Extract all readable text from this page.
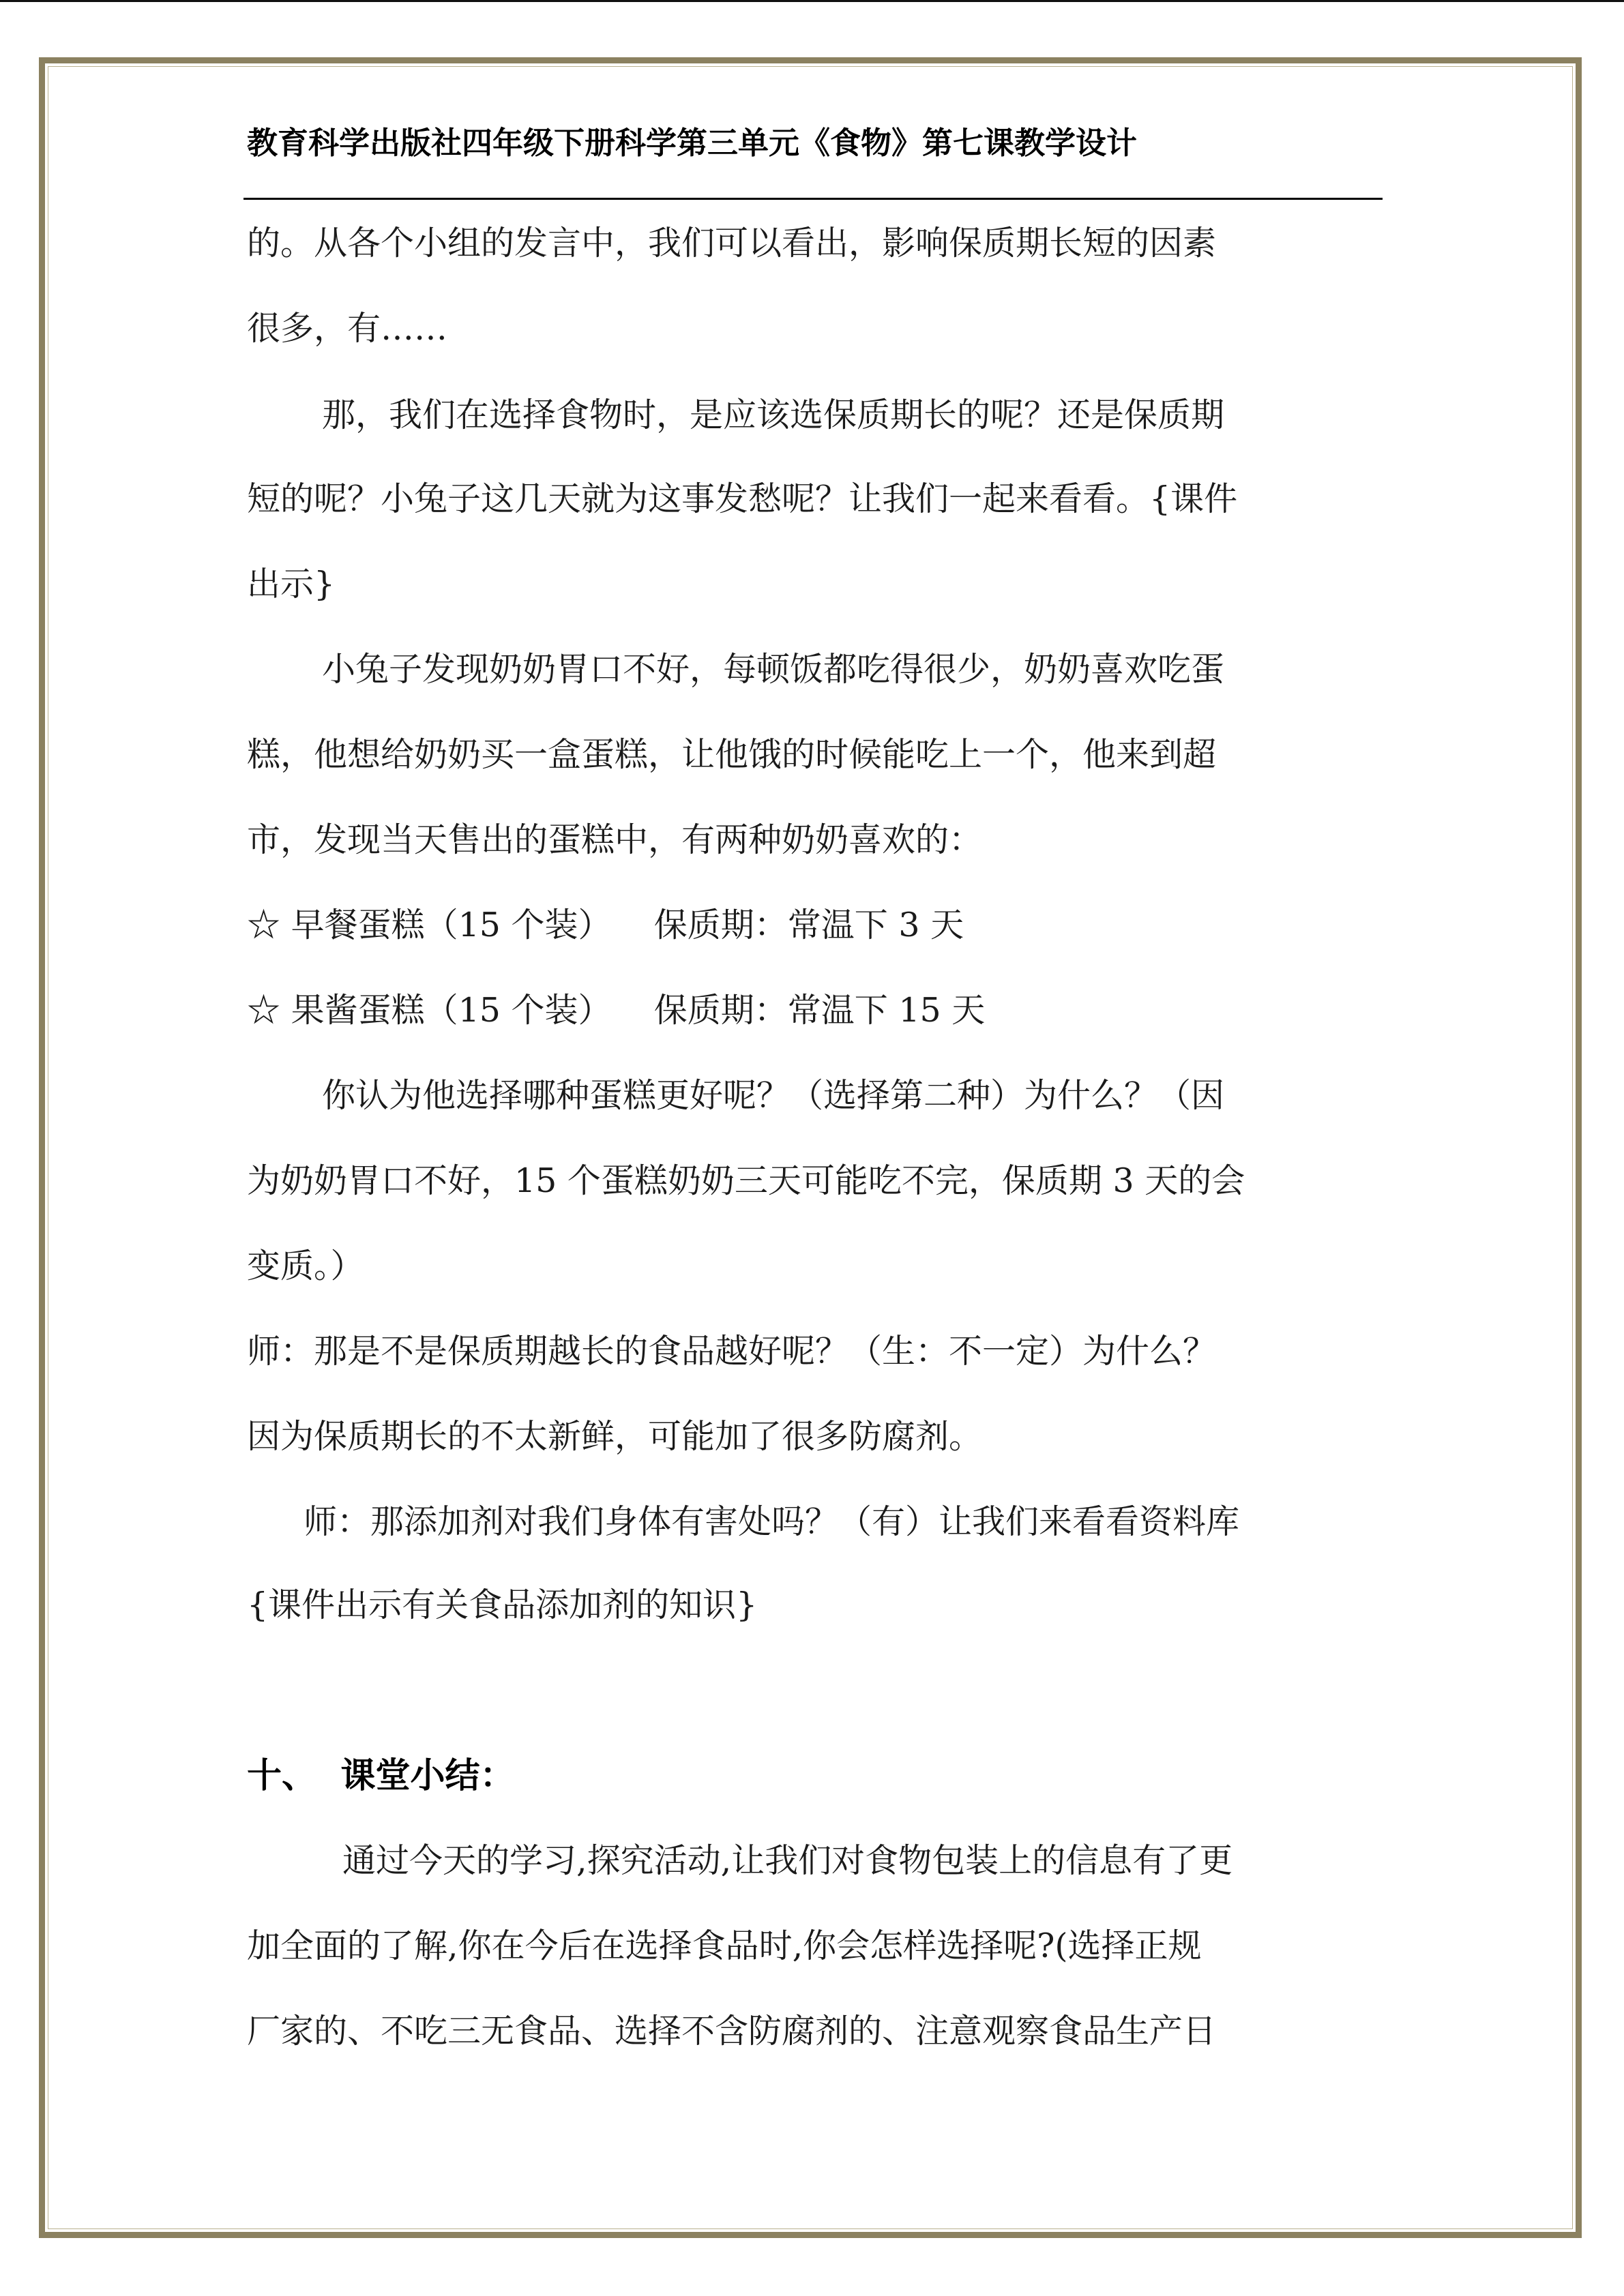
教育科学出版社四年级下册科学第三单元《食物》第七课教学设计
的。从各个小组的发言中，我们可以看出，影响保质期长短的因素
很多，有……
那，我们在选择食物时，是应该选保质期长的呢？还是保质期
短的呢？小兔子这几天就为这事发愁呢？让我们一起来看看。{课件
出示}
小兔子发现奶奶胃口不好，每顿饭都吃得很少，奶奶喜欢吃蛋
糕，他想给奶奶买一盒蛋糕，让他饿的时候能吃上一个，他来到超
市，发现当天售出的蛋糕中，有两种奶奶喜欢的：
☆ 早餐蛋糕（15 个装）    保质期：常温下 3 天
☆ 果酱蛋糕（15 个装）    保质期：常温下 15 天
你认为他选择哪种蛋糕更好呢？（选择第二种）为什么？（因
为奶奶胃口不好，15 个蛋糕奶奶三天可能吃不完，保质期 3 天的会
变质。）
师：那是不是保质期越长的食品越好呢？（生：不一定）为什么？
因为保质期长的不太新鲜，可能加了很多防腐剂。
师：那添加剂对我们身体有害处吗？（有）让我们来看看资料库
{课件出示有关食品添加剂的知识}
十、  课堂小结：
通过今天的学习,探究活动,让我们对食物包装上的信息有了更
加全面的了解,你在今后在选择食品时,你会怎样选择呢?(选择正规
厂家的、不吃三无食品、选择不含防腐剂的、注意观察食品生产日
